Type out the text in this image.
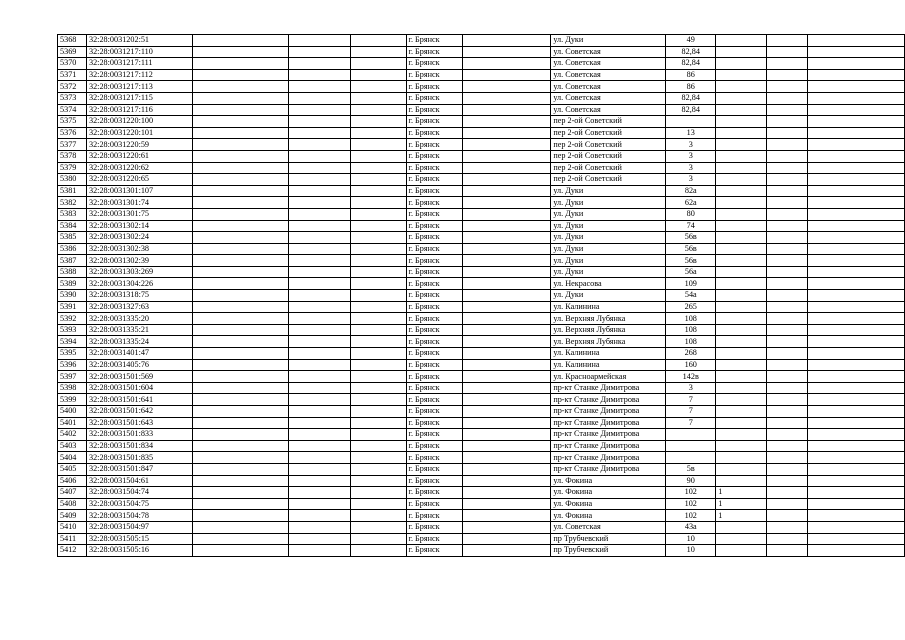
5368	32:28:0031202:51				г. Брянск		ул. Дуки	49			
5369	32:28:0031217:110				г. Брянск		ул. Советская	82,84			
5370	32:28:0031217:111				г. Брянск		ул. Советская	82,84			
5371	32:28:0031217:112				г. Брянск		ул. Советская	86			
5372	32:28:0031217:113				г. Брянск		ул. Советская	86			
5373	32:28:0031217:115				г. Брянск		ул. Советская	82,84			
5374	32:28:0031217:116				г. Брянск		ул. Советская	82,84			
5375	32:28:0031220:100				г. Брянск		пер 2-ой Советский				
5376	32:28:0031220:101				г. Брянск		пер 2-ой Советский	13			
5377	32:28:0031220:59				г. Брянск		пер 2-ой Советский	3			
5378	32:28:0031220:61				г. Брянск		пер 2-ой Советский	3			
5379	32:28:0031220:62				г. Брянск		пер 2-ой Советский	3			
5380	32:28:0031220:65				г. Брянск		пер 2-ой Советский	3			
5381	32:28:0031301:107				г. Брянск		ул. Дуки	82а			
5382	32:28:0031301:74				г. Брянск		ул. Дуки	62а			
5383	32:28:0031301:75				г. Брянск		ул. Дуки	80			
5384	32:28:0031302:14				г. Брянск		ул. Дуки	74			
5385	32:28:0031302:24				г. Брянск		ул. Дуки	56в			
5386	32:28:0031302:38				г. Брянск		ул. Дуки	56в			
5387	32:28:0031302:39				г. Брянск		ул. Дуки	56в			
5388	32:28:0031303:269				г. Брянск		ул. Дуки	56а			
5389	32:28:0031304:226				г. Брянск		ул. Некрасова	109			
5390	32:28:0031318:75				г. Брянск		ул. Дуки	54а			
5391	32:28:0031327:63				г. Брянск		ул. Калинина	265			
5392	32:28:0031335:20				г. Брянск		ул. Верхняя Лубянка	108			
5393	32:28:0031335:21				г. Брянск		ул. Верхняя Лубянка	108			
5394	32:28:0031335:24				г. Брянск		ул. Верхняя Лубянка	108			
5395	32:28:0031401:47				г. Брянск		ул. Калинина	268			
5396	32:28:0031405:76				г. Брянск		ул. Калинина	160			
5397	32:28:0031501:569				г. Брянск		ул. Красноармейская	142в			
5398	32:28:0031501:604				г. Брянск		пр-кт Станке Димитрова	3			
5399	32:28:0031501:641				г. Брянск		пр-кт Станке Димитрова	7			
5400	32:28:0031501:642				г. Брянск		пр-кт Станке Димитрова	7			
5401	32:28:0031501:643				г. Брянск		пр-кт Станке Димитрова	7			
5402	32:28:0031501:833				г. Брянск		пр-кт Станке Димитрова				
5403	32:28:0031501:834				г. Брянск		пр-кт Станке Димитрова				
5404	32:28:0031501:835				г. Брянск		пр-кт Станке Димитрова				
5405	32:28:0031501:847				г. Брянск		пр-кт Станке Димитрова	5в			
5406	32:28:0031504:61				г. Брянск		ул. Фокина	90			
5407	32:28:0031504:74				г. Брянск		ул. Фокина	102	1		
5408	32:28:0031504:75				г. Брянск		ул. Фокина	102	1		
5409	32:28:0031504:78				г. Брянск		ул. Фокина	102	1		
5410	32:28:0031504:97				г. Брянск		ул. Советская	43а			
5411	32:28:0031505:15				г. Брянск		пр Трубчевский	10			
5412	32:28:0031505:16				г. Брянск		пр Трубчевский	10			
